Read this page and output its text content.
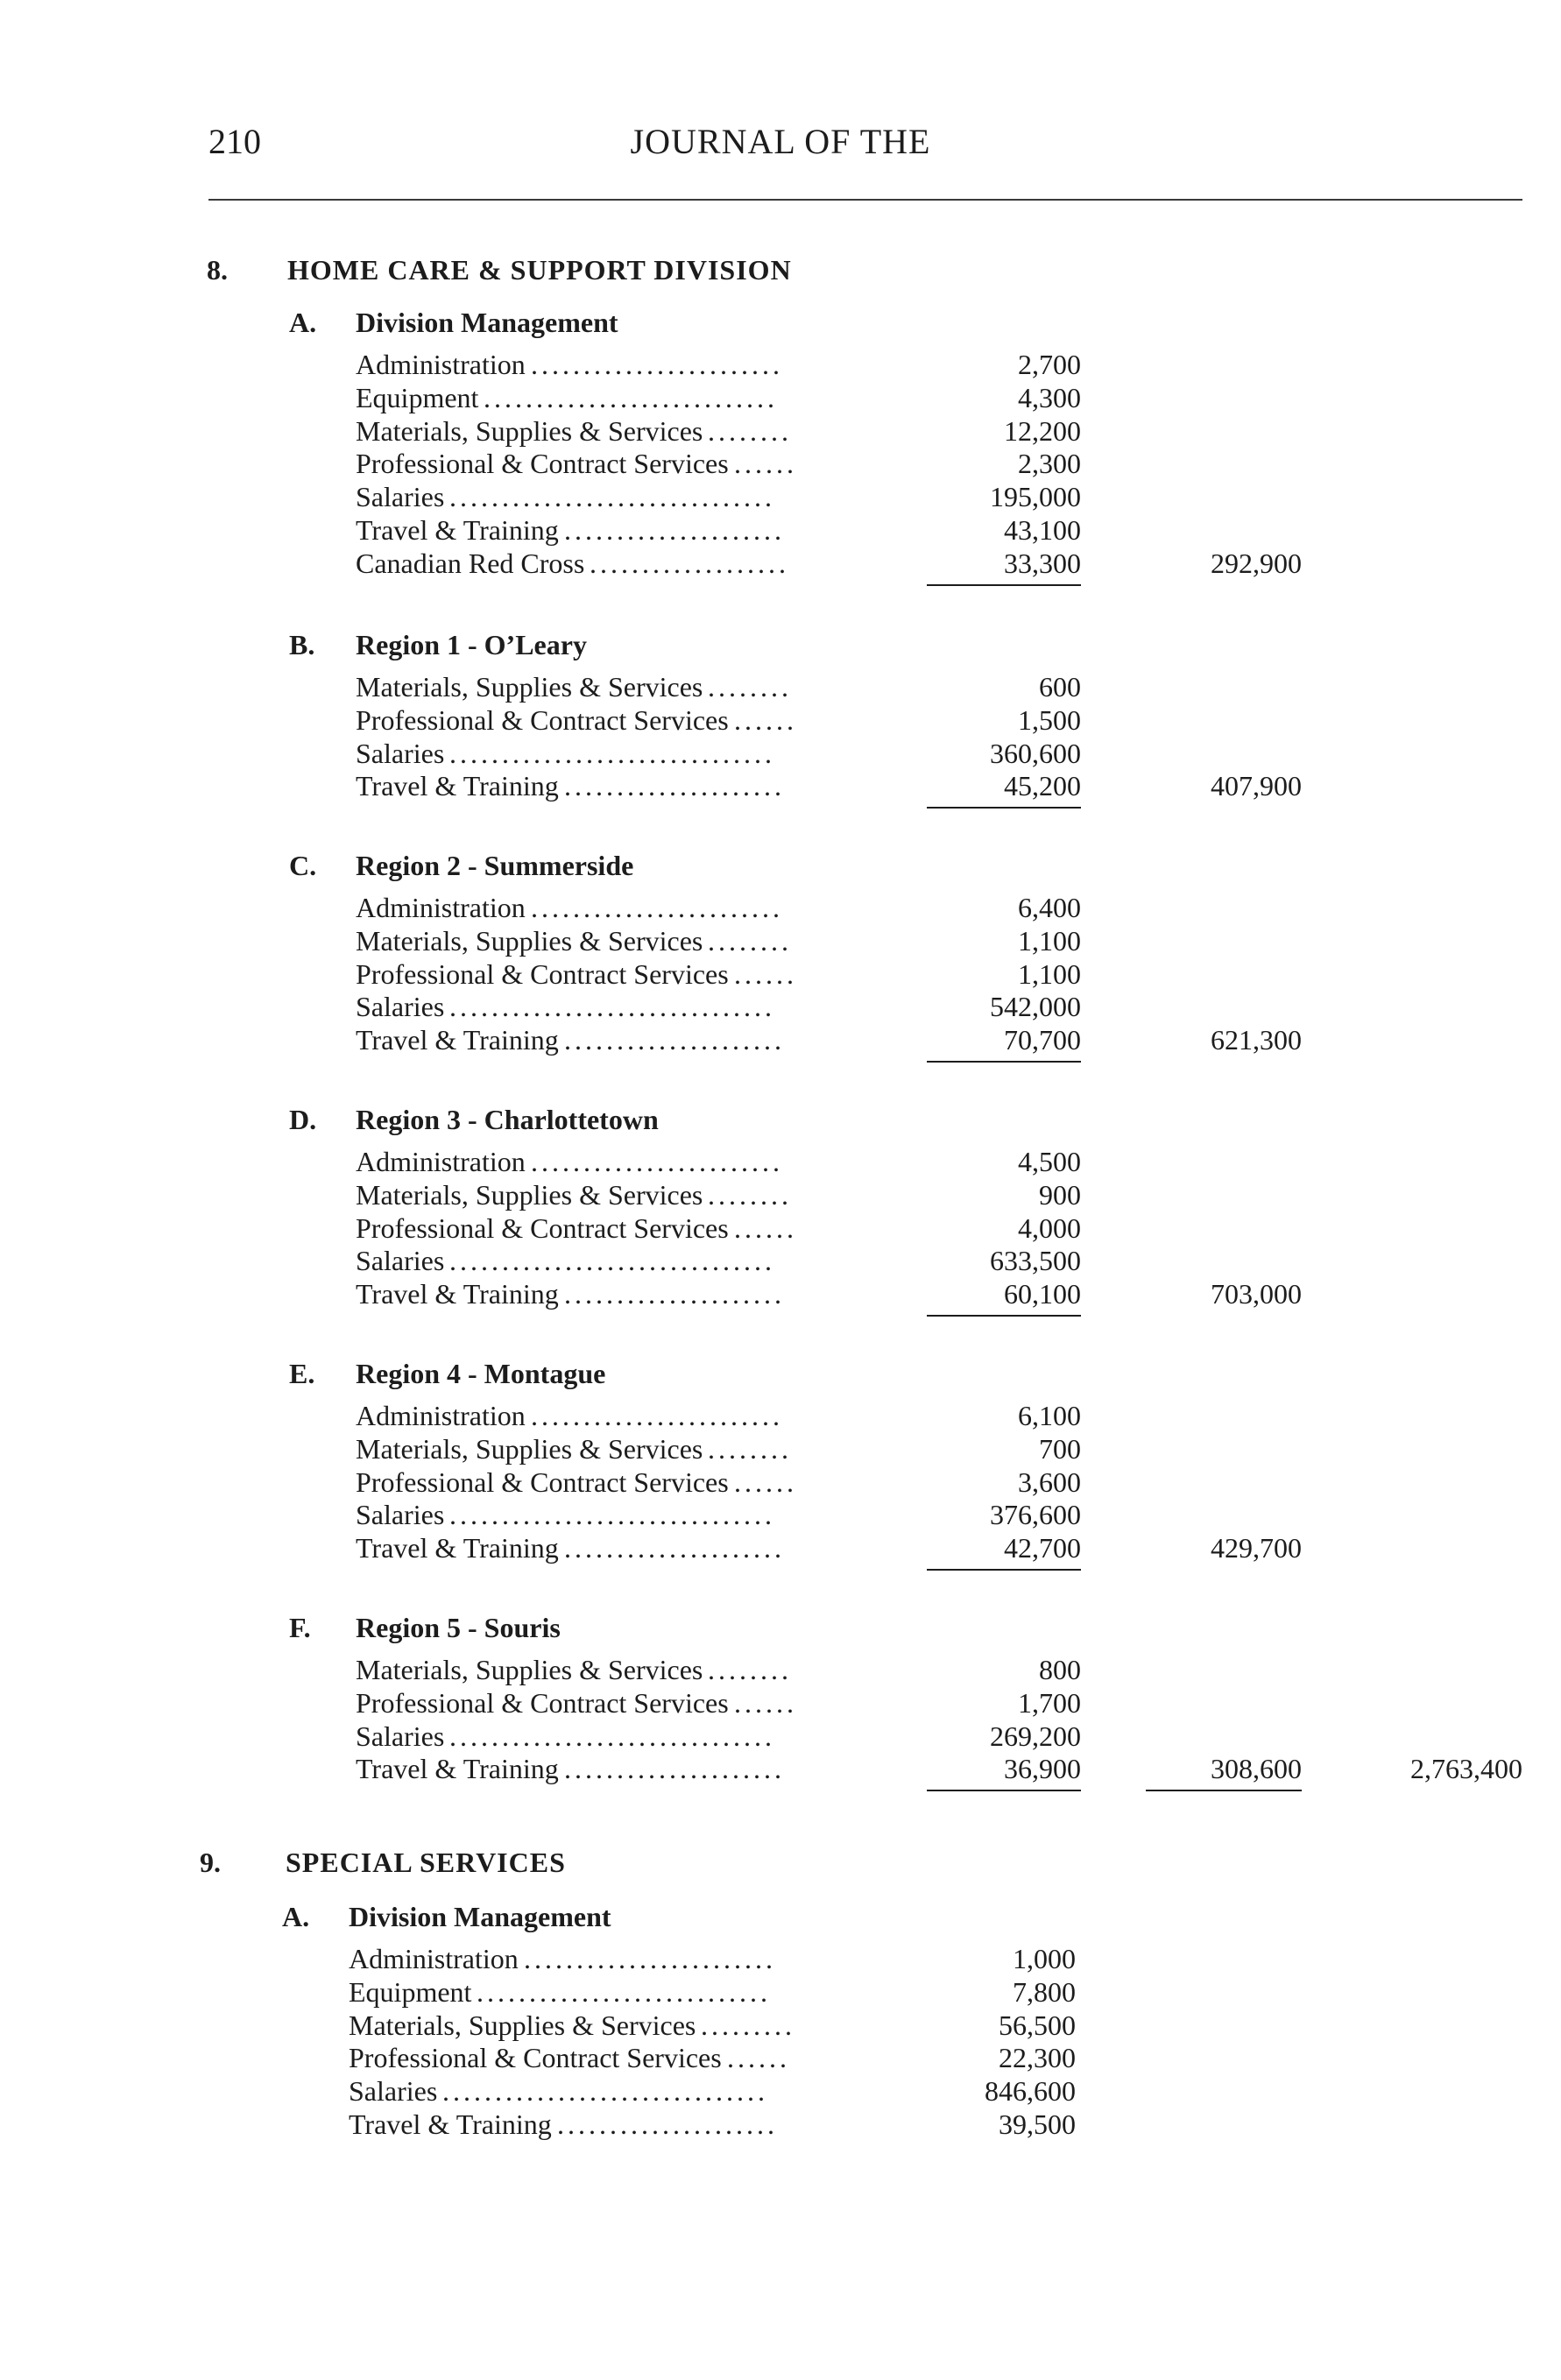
210	JOURNAL OF THE
8. HOME CARE & SUPPORT DIVISION
A. Division Management
Administration ........................	2,700
Equipment ............................	4,300
Materials, Supplies & Services ........	12,200
Professional & Contract Services ......	2,300
Salaries ...............................	195,000
Travel & Training .....................	43,100
Canadian Red Cross ...................	33,300	292,900
B. Region 1 - O’Leary
Materials, Supplies & Services ........	600
Professional & Contract Services ......	1,500
Salaries ...............................	360,600
Travel & Training .....................	45,200	407,900
C. Region 2 - Summerside
Administration ........................	6,400
Materials, Supplies & Services ........	1,100
Professional & Contract Services ......	1,100
Salaries ...............................	542,000
Travel & Training .....................	70,700	621,300
D. Region 3 - Charlottetown
Administration ........................	4,500
Materials, Supplies & Services ........	900
Professional & Contract Services ......	4,000
Salaries ...............................	633,500
Travel & Training .....................	60,100	703,000
E. Region 4 - Montague
Administration ........................	6,100
Materials, Supplies & Services ........	700
Professional & Contract Services ......	3,600
Salaries ...............................	376,600
Travel & Training .....................	42,700	429,700
F. Region 5 - Souris
Materials, Supplies & Services ........	800
Professional & Contract Services ......	1,700
Salaries ...............................	269,200
Travel & Training .....................	36,900	308,600	2,763,400
9. SPECIAL SERVICES
A. Division Management
Administration ........................	1,000
Equipment ............................	7,800
Materials, Supplies & Services .........	56,500
Professional & Contract Services ......	22,300
Salaries ...............................	846,600
Travel & Training .....................	39,500
